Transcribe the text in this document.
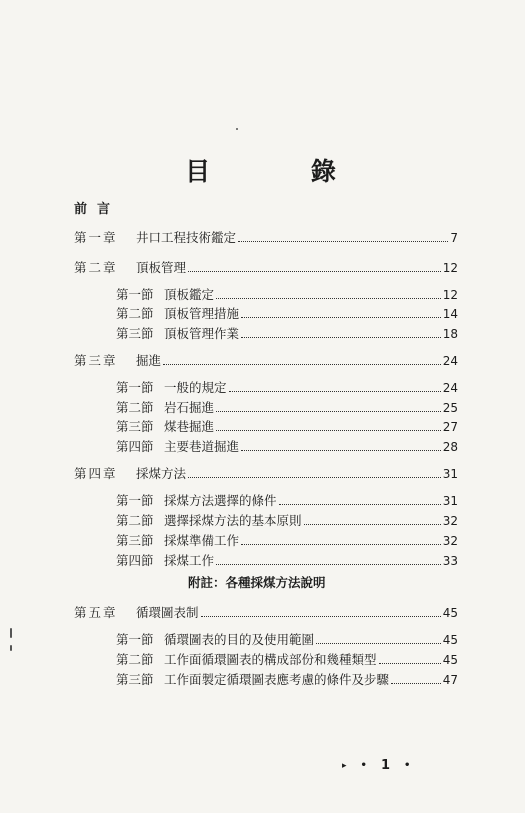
目 錄
前言
第一章	井口工程技術鑑定	7
第二章	頂板管理	12
第一節 頂板鑑定	12
第二節 頂板管理措施	14
第三節 頂板管理作業	18
第三章	掘進	24
第一節 一般的規定	24
第二節 岩石掘進	25
第三節 煤巷掘進	27
第四節 主要巷道掘進	28
第四章	採煤方法	31
第一節 採煤方法選擇的條件	31
第二節 選擇採煤方法的基本原則	32
第三節 採煤準備工作	32
第四節 採煤工作	33
第五章	循環圖表制	45
第一節 循環圖表的目的及使用範圍	45
第二節 工作面循環圖表的構成部份和幾種類型	45
第三節 工作面製定循環圖表應考慮的條件及步驟	47
附註：各種採煤方法說明
▸ • 1 •
